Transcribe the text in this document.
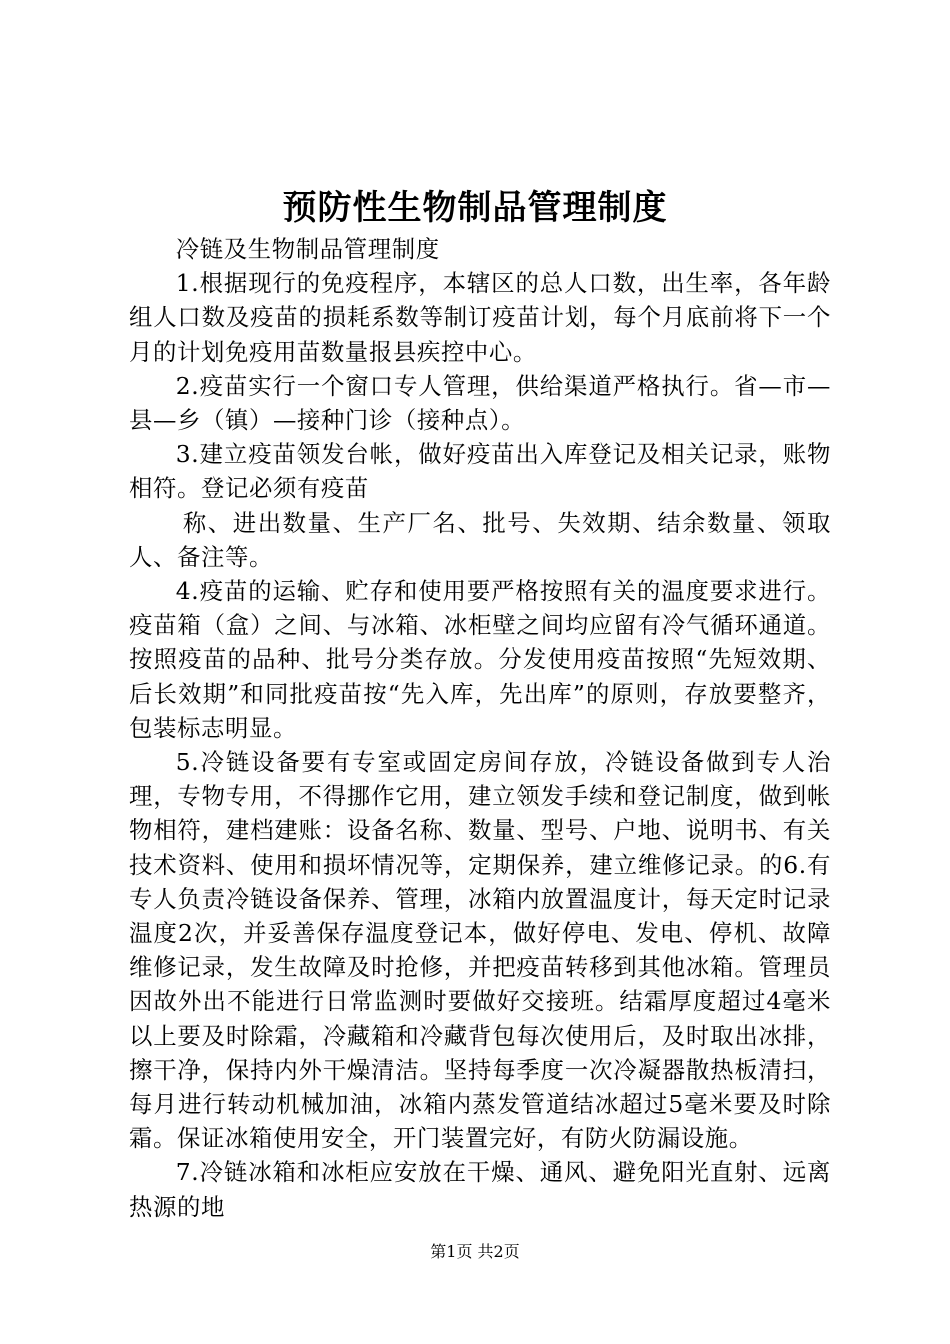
预防性生物制品管理制度

冷链及生物制品管理制度

1.根据现行的免疫程序，本辖区的总人口数，出生率，各年龄组人口数及疫苗的损耗系数等制订疫苗计划，每个月底前将下一个月的计划免疫用苗数量报县疾控中心。

2.疫苗实行一个窗口专人管理，供给渠道严格执行。省—市—县—乡（镇）—接种门诊（接种点）。

3.建立疫苗领发台帐，做好疫苗出入库登记及相关记录，账物相符。登记必须有疫苗

称、进出数量、生产厂名、批号、失效期、结余数量、领取人、备注等。

4.疫苗的运输、贮存和使用要严格按照有关的温度要求进行。疫苗箱（盒）之间、与冰箱、冰柜壁之间均应留有冷气循环通道。按照疫苗的品种、批号分类存放。分发使用疫苗按照“先短效期、后长效期”和同批疫苗按“先入库，先出库”的原则，存放要整齐，包装标志明显。

5.冷链设备要有专室或固定房间存放，冷链设备做到专人治理，专物专用，不得挪作它用，建立领发手续和登记制度，做到帐物相符，建档建账：设备名称、数量、型号、户地、说明书、有关技术资料、使用和损坏情况等，定期保养，建立维修记录。的6.有专人负责冷链设备保养、管理，冰箱内放置温度计，每天定时记录温度2次，并妥善保存温度登记本，做好停电、发电、停机、故障维修记录，发生故障及时抢修，并把疫苗转移到其他冰箱。管理员因故外出不能进行日常监测时要做好交接班。结霜厚度超过4毫米以上要及时除霜，冷藏箱和冷藏背包每次使用后，及时取出冰排，擦干净，保持内外干燥清洁。坚持每季度一次冷凝器散热板清扫，每月进行转动机械加油，冰箱内蒸发管道结冰超过5毫米要及时除霜。保证冰箱使用安全，开门装置完好，有防火防漏设施。

7.冷链冰箱和冰柜应安放在干燥、通风、避免阳光直射、远离热源的地

第1页 共2页
